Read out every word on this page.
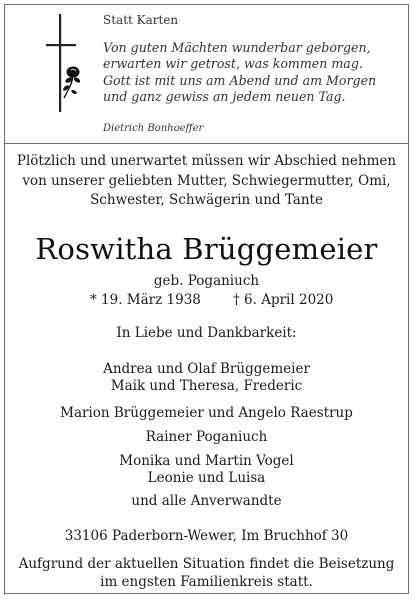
Statt Karten
Von guten Mächten wunderbar geborgen,
erwarten wir getrost, was kommen mag.
Gott ist mit uns am Abend und am Morgen
und ganz gewiss an jedem neuen Tag.
Dietrich Bonhoeffer
Plötzlich und unerwartet müssen wir Abschied nehmen
von unserer geliebten Mutter, Schwiegermutter, Omi,
Schwester, Schwägerin und Tante
Roswitha Brüggemeier
geb. Poganiuch
* 19. März 1938 † 6. April 2020
In Liebe und Dankbarkeit:
Andrea und Olaf Brüggemeier
Maik und Theresa, Frederic
Marion Brüggemeier und Angelo Raestrup
Rainer Poganiuch
Monika und Martin Vogel
Leonie und Luisa
und alle Anverwandte
33106 Paderborn-Wewer, Im Bruchhof 30
Aufgrund der aktuellen Situation findet die Beisetzung
im engsten Familienkreis statt.
